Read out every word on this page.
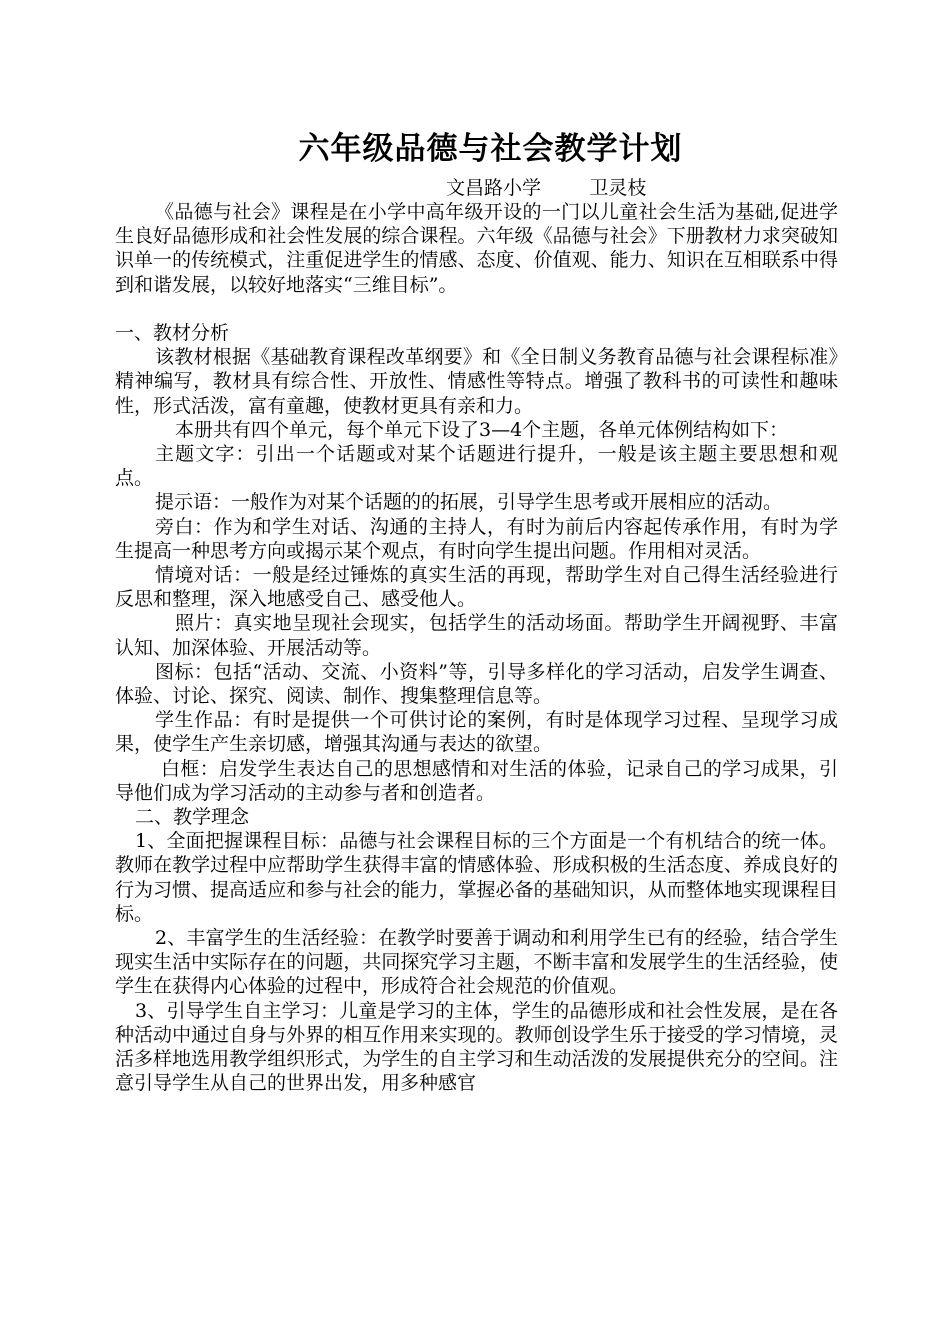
六年级品德与社会教学计划
文昌路小学	卫灵枝

《品德与社会》课程是在小学中高年级开设的一门以儿童社会生活为基础,促进学生良好品德形成和社会性发展的综合课程。六年级《品德与社会》下册教材力求突破知识单一的传统模式，注重促进学生的情感、态度、价值观、能力、知识在互相联系中得到和谐发展，以较好地落实“三维目标”。

一、教材分析

该教材根据《基础教育课程改革纲要》和《全日制义务教育品德与社会课程标准》精神编写，教材具有综合性、开放性、情感性等特点。增强了教科书的可读性和趣味性，形式活泼，富有童趣，使教材更具有亲和力。

本册共有四个单元，每个单元下设了3—4个主题，各单元体例结构如下：

主题文字：引出一个话题或对某个话题进行提升，一般是该主题主要思想和观点。

提示语：一般作为对某个话题的的拓展，引导学生思考或开展相应的活动。

旁白：作为和学生对话、沟通的主持人，有时为前后内容起传承作用，有时为学生提高一种思考方向或揭示某个观点，有时向学生提出问题。作用相对灵活。

情境对话：一般是经过锤炼的真实生活的再现，帮助学生对自己得生活经验进行反思和整理，深入地感受自己、感受他人。

照片：真实地呈现社会现实，包括学生的活动场面。帮助学生开阔视野、丰富认知、加深体验、开展活动等。

图标：包括“活动、交流、小资料”等，引导多样化的学习活动，启发学生调查、体验、讨论、探究、阅读、制作、搜集整理信息等。

学生作品：有时是提供一个可供讨论的案例，有时是体现学习过程、呈现学习成果，使学生产生亲切感，增强其沟通与表达的欲望。

白框：启发学生表达自己的思想感情和对生活的体验，记录自己的学习成果，引导他们成为学习活动的主动参与者和创造者。

二、教学理念

1、全面把握课程目标：品德与社会课程目标的三个方面是一个有机结合的统一体。教师在教学过程中应帮助学生获得丰富的情感体验、形成积极的生活态度、养成良好的行为习惯、提高适应和参与社会的能力，掌握必备的基础知识，从而整体地实现课程目标。

2、丰富学生的生活经验：在教学时要善于调动和利用学生已有的经验，结合学生现实生活中实际存在的问题，共同探究学习主题，不断丰富和发展学生的生活经验，使学生在获得内心体验的过程中，形成符合社会规范的价值观。

3、引导学生自主学习：儿童是学习的主体，学生的品德形成和社会性发展，是在各种活动中通过自身与外界的相互作用来实现的。教师创设学生乐于接受的学习情境，灵活多样地选用教学组织形式，为学生的自主学习和生动活泼的发展提供充分的空间。注意引导学生从自己的世界出发，用多种感官
